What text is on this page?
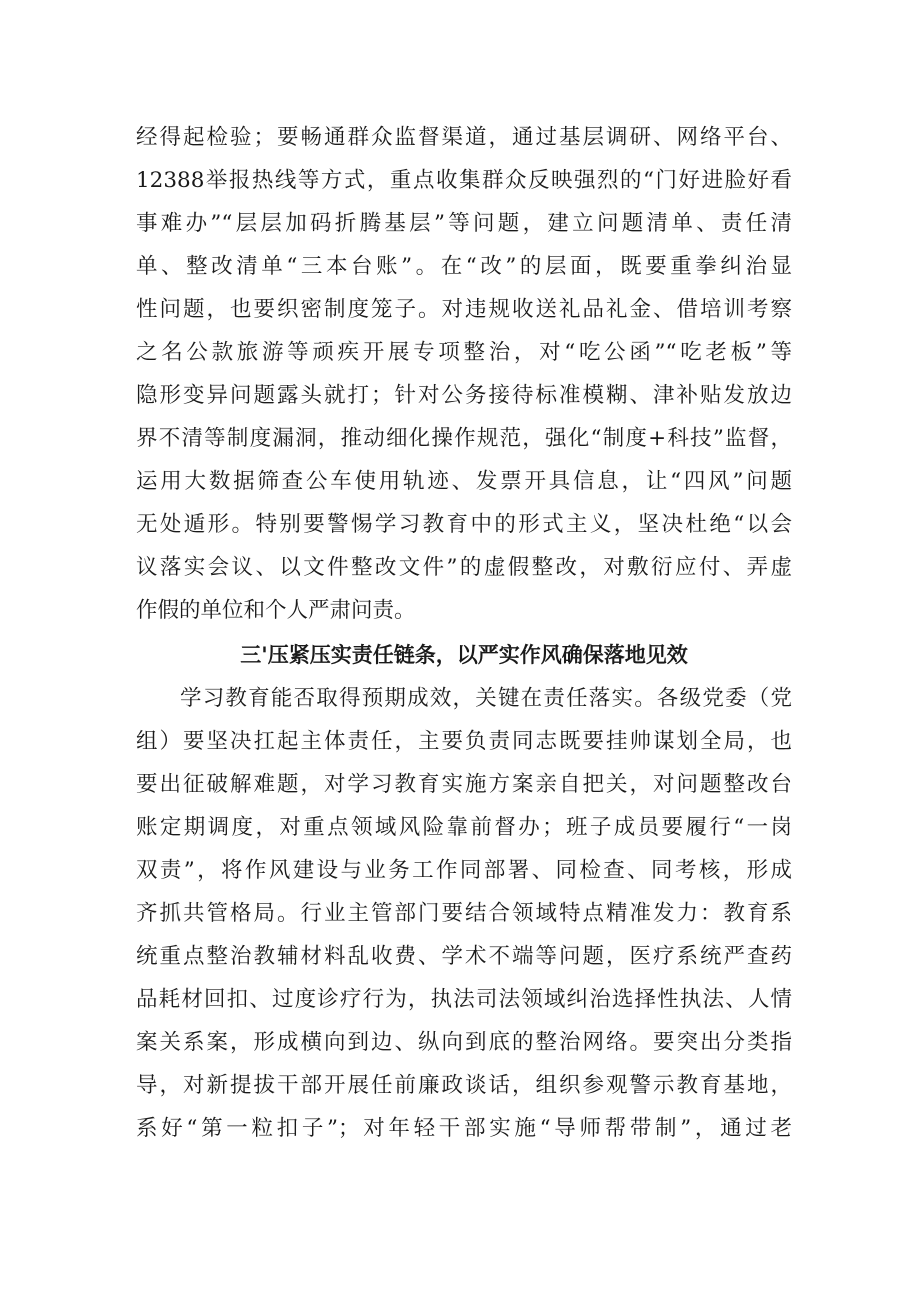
经得起检验；要畅通群众监督渠道，通过基层调研、网络平台、
12388举报热线等方式，重点收集群众反映强烈的“门好进脸好看
事难办”“层层加码折腾基层”等问题，建立问题清单、责任清
单、整改清单“三本台账”。在“改”的层面，既要重拳纠治显
性问题，也要织密制度笼子。对违规收送礼品礼金、借培训考察
之名公款旅游等顽疾开展专项整治，对“吃公函”“吃老板”等
隐形变异问题露头就打；针对公务接待标准模糊、津补贴发放边
界不清等制度漏洞，推动细化操作规范，强化“制度+科技”监督，
运用大数据筛查公车使用轨迹、发票开具信息，让“四风”问题
无处遁形。特别要警惕学习教育中的形式主义，坚决杜绝“以会
议落实会议、以文件整改文件”的虚假整改，对敷衍应付、弄虚
作假的单位和个人严肃问责。
三'压紧压实责任链条，以严实作风确保落地见效
学习教育能否取得预期成效，关键在责任落实。各级党委（党
组）要坚决扛起主体责任，主要负责同志既要挂帅谋划全局，也
要出征破解难题，对学习教育实施方案亲自把关，对问题整改台
账定期调度，对重点领域风险靠前督办；班子成员要履行“一岗
双责”，将作风建设与业务工作同部署、同检查、同考核，形成
齐抓共管格局。行业主管部门要结合领域特点精准发力：教育系
统重点整治教辅材料乱收费、学术不端等问题，医疗系统严查药
品耗材回扣、过度诊疗行为，执法司法领域纠治选择性执法、人情
案关系案，形成横向到边、纵向到底的整治网络。要突出分类指
导，对新提拔干部开展任前廉政谈话，组织参观警示教育基地，
系好“第一粒扣子”；对年轻干部实施“导师帮带制”，通过老
